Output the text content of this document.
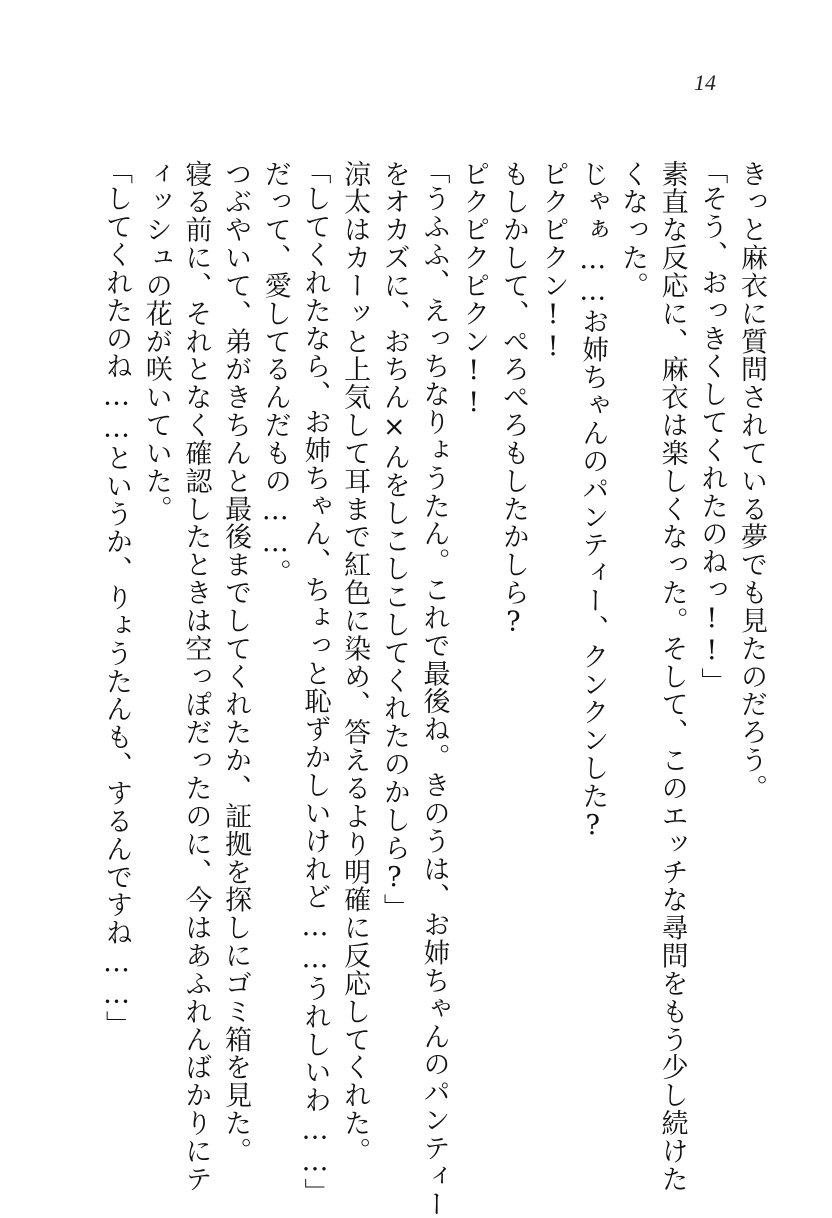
14
きっと麻衣に質問されている夢でも見たのだろう。
「そう、おっきくしてくれたのねっ!!」
素直な反応に、麻衣は楽しくなった。そして、このエッチな尋問をもう少し続けた
くなった。
じゃぁ……お姉ちゃんのパンティー、クンクンした?
ピクピクン!!
もしかして、ぺろぺろもしたかしら?
ピクピクピクン!!
「うふふ、えっちなりょうたん。これで最後ね。きのうは、お姉ちゃんのパンティー
をオカズに、おちん×んをしこしこしてくれたのかしら?」
涼太はカーッと上気して耳まで紅色に染め、答えるより明確に反応してくれた。
「してくれたなら、お姉ちゃん、ちょっと恥ずかしいけれど……うれしいわ……」
だって、愛してるんだもの……。
つぶやいて、弟がきちんと最後までしてくれたか、証拠を探しにゴミ箱を見た。
寝る前に、それとなく確認したときは空っぽだったのに、今はあふれんばかりにテ
ィッシュの花が咲いていた。
「してくれたのね……というか、りょうたんも、するんですね……」
